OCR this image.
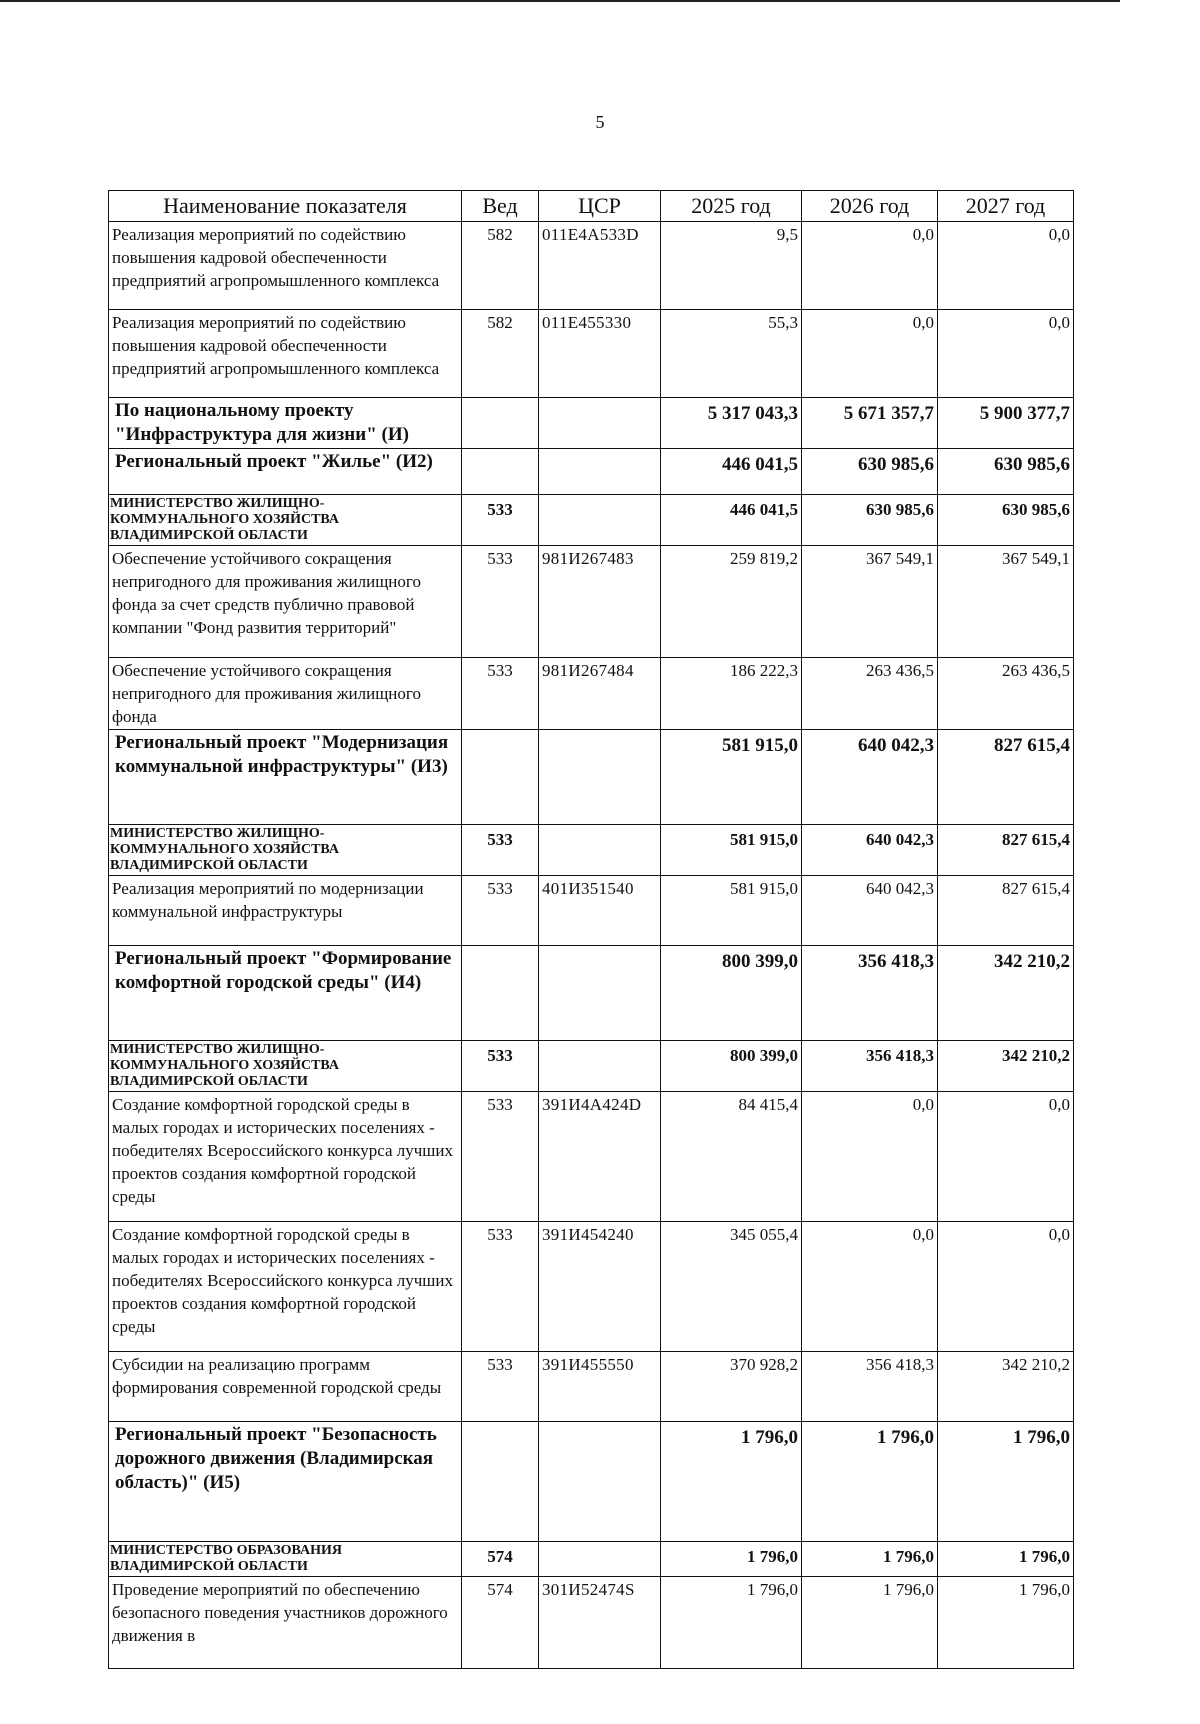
5
Наименование показателя	Вед	ЦСР	2025 год	2026 год	2027 год
Реализация мероприятий по содействию повышения кадровой обеспеченности предприятий агропромышленного комплекса	582	011E4A533D	9,5	0,0	0,0
Реализация мероприятий по содействию повышения кадровой обеспеченности предприятий агропромышленного комплекса	582	011E455330	55,3	0,0	0,0
По национальному проекту "Инфраструктура для жизни" (И)			5 317 043,3	5 671 357,7	5 900 377,7
Региональный проект "Жилье" (И2)			446 041,5	630 985,6	630 985,6
МИНИСТЕРСТВО ЖИЛИЩНО-КОММУНАЛЬНОГО ХОЗЯЙСТВА ВЛАДИМИРСКОЙ ОБЛАСТИ	533		446 041,5	630 985,6	630 985,6
Обеспечение устойчивого сокращения непригодного для проживания жилищного фонда за счет средств публично правовой компании "Фонд развития территорий"	533	981И267483	259 819,2	367 549,1	367 549,1
Обеспечение устойчивого сокращения непригодного для проживания жилищного фонда	533	981И267484	186 222,3	263 436,5	263 436,5
Региональный проект "Модернизация коммунальной инфраструктуры" (И3)			581 915,0	640 042,3	827 615,4
МИНИСТЕРСТВО ЖИЛИЩНО-КОММУНАЛЬНОГО ХОЗЯЙСТВА ВЛАДИМИРСКОЙ ОБЛАСТИ	533		581 915,0	640 042,3	827 615,4
Реализация мероприятий по модернизации коммунальной инфраструктуры	533	401И351540	581 915,0	640 042,3	827 615,4
Региональный проект "Формирование комфортной городской среды" (И4)			800 399,0	356 418,3	342 210,2
МИНИСТЕРСТВО ЖИЛИЩНО-КОММУНАЛЬНОГО ХОЗЯЙСТВА ВЛАДИМИРСКОЙ ОБЛАСТИ	533		800 399,0	356 418,3	342 210,2
Создание комфортной городской среды в малых городах и исторических поселениях - победителях Всероссийского конкурса лучших проектов создания комфортной городской среды	533	391И4А424D	84 415,4	0,0	0,0
Создание комфортной городской среды в малых городах и исторических поселениях - победителях Всероссийского конкурса лучших проектов создания комфортной городской среды	533	391И454240	345 055,4	0,0	0,0
Субсидии на реализацию программ формирования современной городской среды	533	391И455550	370 928,2	356 418,3	342 210,2
Региональный проект "Безопасность дорожного движения (Владимирская область)" (И5)			1 796,0	1 796,0	1 796,0
МИНИСТЕРСТВО ОБРАЗОВАНИЯ ВЛАДИМИРСКОЙ ОБЛАСТИ	574		1 796,0	1 796,0	1 796,0
Проведение мероприятий по обеспечению безопасного поведения участников дорожного движения в	574	301И52474S	1 796,0	1 796,0	1 796,0
